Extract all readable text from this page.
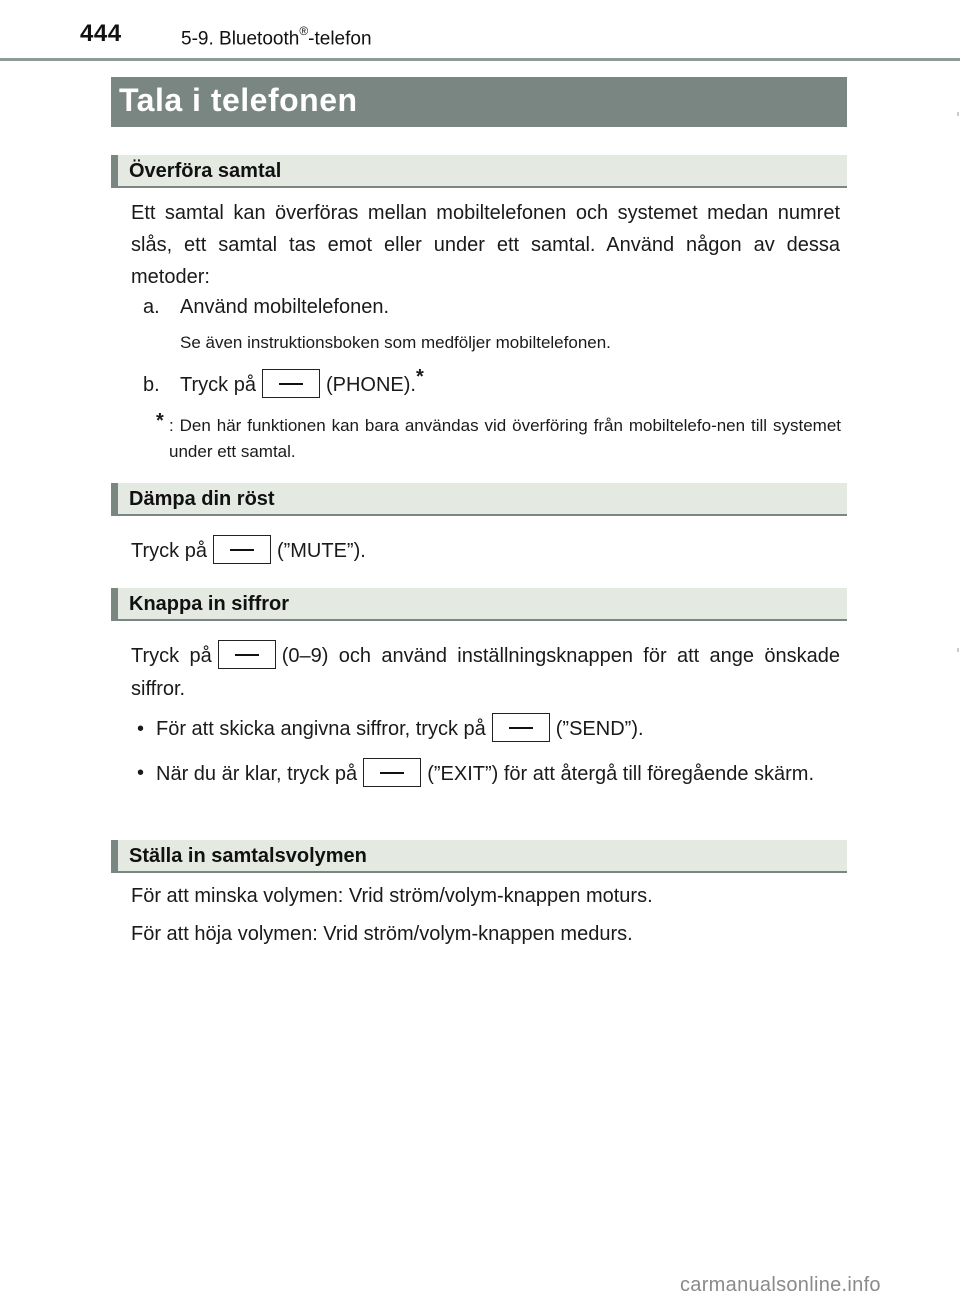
444	5-9. Bluetooth®-telefon
Tala i telefonen
Överföra samtal
Ett samtal kan överföras mellan mobiltelefonen och systemet medan numret slås, ett samtal tas emot eller under ett samtal. Använd någon av dessa metoder:
a. Använd mobiltelefonen.
Se även instruktionsboken som medföljer mobiltelefonen.
b. Tryck på	(PHONE).*
* : Den här funktionen kan bara användas vid överföring från mobiltelefo-nen till systemet under ett samtal.
Dämpa din röst
Tryck på	(”MUTE”).
Knappa in siffror
Tryck på	(0–9) och använd inställningsknappen för att ange önskade siffror.
• För att skicka angivna siffror, tryck på	(”SEND”).
• När du är klar, tryck på	(”EXIT”) för att återgå till föregående skärm.
Ställa in samtalsvolymen
För att minska volymen: Vrid ström/volym-knappen moturs.
För att höja volymen: Vrid ström/volym-knappen medurs.
carmanualsonline.info
